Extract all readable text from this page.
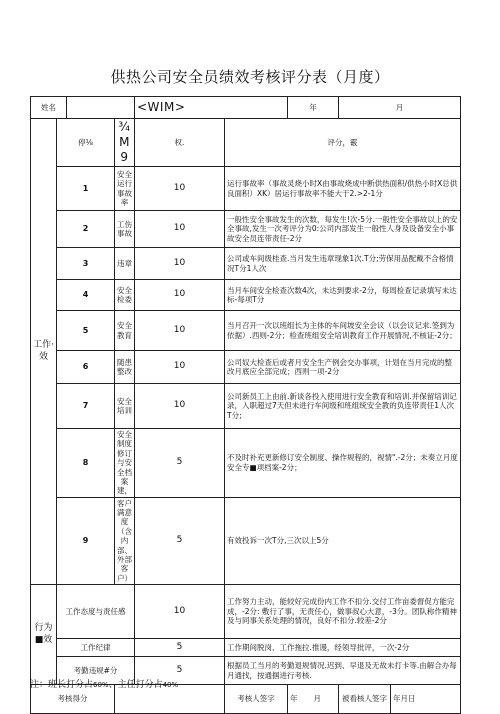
供热公司安全员绩效考核评分表（月度）
姓名				<WIM>		年	月	
工作·效	停⅛		¾M9	权.	评分，霰			
	1		安全运行事故率	10	运行事故率（事故灵烧小时X由事故烧成中断供热面积/供热小时X总供良面积）XK）居运行事故率不能大于2.>2-1分			
	2		工伤事故	10	一般性安全事故发生的次数，每发生!次-5分.一般性安全事故以上的安全事故,发生一次考评分为0:公司内部发生一般性人身及设备安全小事故安全员连带责任-2分			
	3		违章	10	公司或车间级桂查.当月发生违章现象1次.T分;劳保用品配戴不合格情况T分1人次			
	4		安全检委	10	当月车间安全检查次数4次，未达到要求-2分，每周检查记录填写未达标-每项T分			
	5		安全教育	10	当月召开一次以班组长为主体的车间坡安全会议（以会议记求.签到为依据）.西则-2分；检查班组安全培训教育工作开展情况,不核证-2分；			
	6		随患整改	10	公司奴大检查后或者月安全生产例会交办事项，计划在当月完成的整改月底应全部完成；西则一项-2分			
	7		安全培训	10	公司新员工上由前.新谈各投入使用进行安全教育和培训.并保留培训记录，入职超过7天但未进行车间级和班组统安全教的负连带责任1人次T分;			
	8		安全制度修订与安全档案建，	5	不及时补充更新修订安全制度、操作规程的，视情".-2分；未奏立月度安全专■项档案-2分；			
	9		客户满意度（含内部、外部客户）	5	有效投诉一次T分,三次以上5分			
行为■效	工作态度与责任感			10	工作努力主动，能较好完成份内工作不扣分.交付工作亩委督促方能完成，-2分: 敷行了事，无责任心，做事叔心大意，-3分。团队称作精神及与同事关系处理的情况，良好不扣分.较差-2分			
	工作纪律			5	工作期间脱岗、工作拖拉.推谩，经领导批评，一次-2分			
	考勤违规#分			5	根据员工当月的考勤退规情况.迟到、早退及无故未打卡等.由解合办每月通找，按通掴进行考核.			
考核得分					考核人签字	年 月	被看核人签字	年月日
注：班长打分占60%、主任打分占40%
